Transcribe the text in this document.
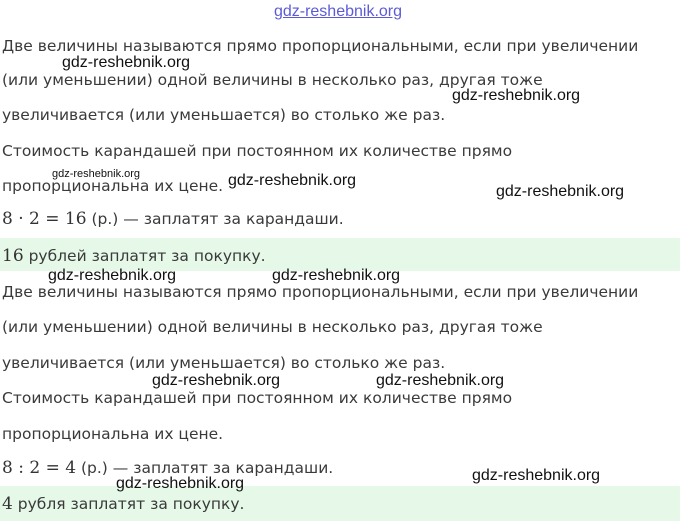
gdz-reshebnik.org
Две величины называются прямо пропорциональными, если при увеличении
(или уменьшении) одной величины в несколько раз, другая тоже
увеличивается (или уменьшается) во столько же раз.
Стоимость карандашей при постоянном их количестве прямо
пропорциональна их цене.
8 · 2 = 16 (р.) — заплатят за карандаши.
16 рублей заплатят за покупку.
Две величины называются прямо пропорциональными, если при увеличении
(или уменьшении) одной величины в несколько раз, другая тоже
увеличивается (или уменьшается) во столько же раз.
Стоимость карандашей при постоянном их количестве прямо
пропорциональна их цене.
8 : 2 = 4 (р.) — заплатят за карандаши.
4 рубля заплатят за покупку.
gdz-reshebnik.org
gdz-reshebnik.org
gdz-reshebnik.org	gdz-reshebnik.org
gdz-reshebnik.org
gdz-reshebnik.org	gdz-reshebnik.org
gdz-reshebnik.org	gdz-reshebnik.org
gdz-reshebnik.org
gdz-reshebnik.org
